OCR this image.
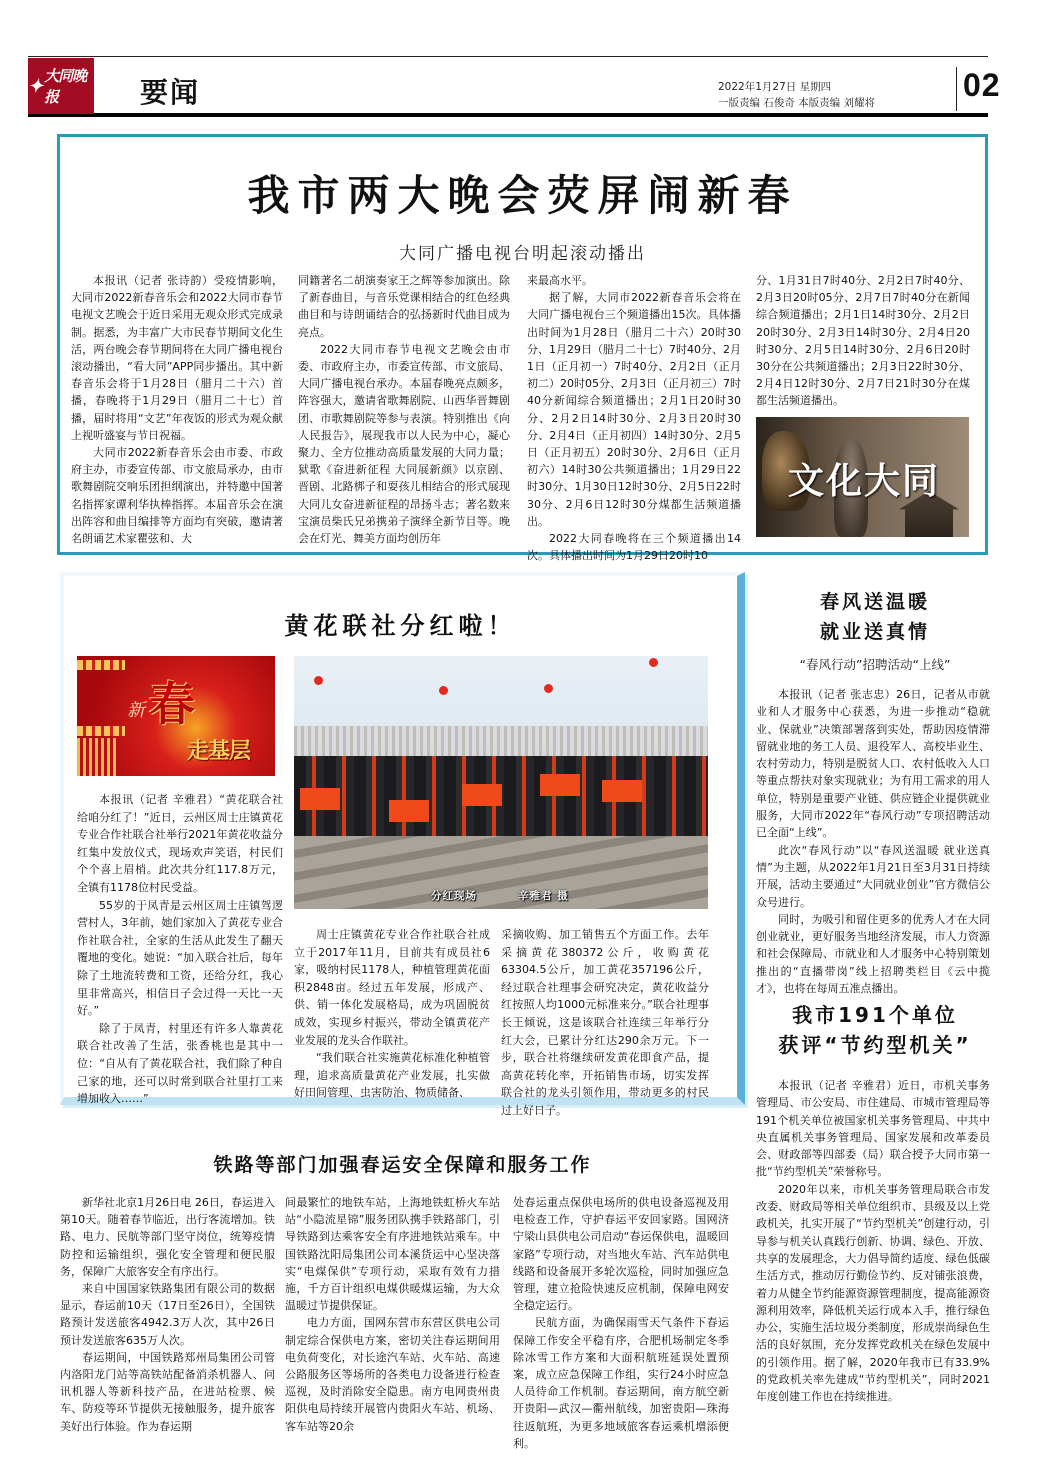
✦ 大同晚报	要闻	2022年1月27日 星期四
一版责编 石俊奇 本版责编 刘耀将	02
我市两大晚会荧屏闹新春
大同广播电视台明起滚动播出

本报讯（记者 张诗韵）受疫情影响，大同市2022新春音乐会和2022大同市春节电视文艺晚会于近日采用无观众形式完成录制。据悉，为丰富广大市民春节期间文化生活，两台晚会春节期间将在大同广播电视台滚动播出，“看大同”APP同步播出。其中新春音乐会将于1月28日（腊月二十六）首播，春晚将于1月29日（腊月二十七）首播，届时将用“文艺”年夜饭的形式为观众献上视听盛宴与节日祝福。

大同市2022新春音乐会由市委、市政府主办，市委宣传部、市文旅局承办，由市歌舞剧院交响乐团担纲演出，并特邀中国著名指挥家谭利华执棒指挥。本届音乐会在演出阵容和曲目编排等方面均有突破，邀请著名朗诵艺术家瞿弦和、大

同籍著名二胡演奏家王之辉等参加演出。除了新春曲目，与音乐党课相结合的红色经典曲目和与诗朗诵结合的弘扬新时代曲目成为亮点。

2022大同市春节电视文艺晚会由市委、市政府主办，市委宣传部、市文旅局、大同广播电视台承办。本届春晚亮点颇多，阵容强大，邀请省歌舞剧院、山西华晋舞剧团、市歌舞剧院等参与表演。特别推出《向人民报告》，展现我市以人民为中心，凝心聚力、全方位推动高质量发展的大同力量；狱歌《奋进新征程 大同展新颜》以京剧、晋剧、北路梆子和耍孩儿相结合的形式展现大同儿女奋进新征程的昂扬斗志；著名数来宝演员柴氏兄弟携弟子演绎全新节目等。晚会在灯光、舞美方面均创历年

来最高水平。

据了解，大同市2022新春音乐会将在大同广播电视台三个频道播出15次。具体播出时间为1月28日（腊月二十六）20时30分、1月29日（腊月二十七）7时40分、2月1日（正月初一）7时40分、2月2日（正月初二）20时05分、2月3日（正月初三）7时40分新闻综合频道播出；2月1日20时30分、2月2日14时30分、2月3日20时30分、2月4日（正月初四）14时30分、2月5日（正月初五）20时30分、2月6日（正月初六）14时30公共频道播出；1月29日22时30分、1月30日12时30分、2月5日22时30分、2月6日12时30分煤都生活频道播出。

2022大同春晚将在三个频道播出14次。具体播出时间为1月29日20时10

分、1月31日7时40分、2月2日7时40分、2月3日20时05分、2月7日7时40分在新闻综合频道播出；2月1日14时30分、2月2日20时30分、2月3日14时30分、2月4日20时30分、2月5日14时30分、2月6日20时30分在公共频道播出；2月3日22时30分、2月4日12时30分、2月7日21时30分在煤都生活频道播出。

文化大同
黄花联社分红啦！
新 春
走基层
分红现场	辛雅君 摄

本报讯（记者 辛雅君）“黄花联合社给咱分红了！”近日，云州区周士庄镇黄花专业合作社联合社举行2021年黄花收益分红集中发放仪式，现场欢声笑语，村民们个个喜上眉梢。此次共分红117.8万元，全镇有1178位村民受益。

55岁的于凤青是云州区周士庄镇驾逻营村人，3年前，她们家加入了黄花专业合作社联合社，全家的生活从此发生了翻天覆地的变化。她说：“加入联合社后，每年除了土地流转费和工资，还给分红，我心里非常高兴，相信日子会过得一天比一天好。”

除了于凤青，村里还有许多人靠黄花联合社改善了生活，张香桃也是其中一位：“自从有了黄花联合社，我们除了种自己家的地，还可以时常到联合社里打工来增加收入……”

周士庄镇黄花专业合作社联合社成立于2017年11月，目前共有成员社6家，吸纳村民1178人，种植管理黄花面积2848亩。经过五年发展，形成产、供、销一体化发展格局，成为巩固脱贫成效，实现乡村振兴，带动全镇黄花产业发展的龙头合作联社。

“我们联合社实施黄花标准化种植管理，追求高质量黄花产业发展，扎实做好田间管理、虫害防治、物质储备、

采摘收购、加工销售五个方面工作。去年采摘黄花380372公斤，收购黄花63304.5公斤，加工黄花357196公斤，经过联合社理事会研究决定，黄花收益分红按照人均1000元标准来分。”联合社理事长王倾说，这是该联合社连续三年举行分红大会，已累计分红达290余万元。下一步，联合社将继续研发黄花即食产品，提高黄花转化率，开拓销售市场，切实发挥联合社的龙头引领作用，带动更多的村民过上好日子。

春风送温暖
就业送真情
“春风行动”招聘活动“上线”

本报讯（记者 张志忠）26日，记者从市就业和人才服务中心获悉，为进一步推动“稳就业、保就业”决策部署落到实处，帮助因疫情滞留就业地的务工人员、退役军人、高校毕业生、农村劳动力，特别是脱贫人口、农村低收入人口等重点帮扶对象实现就业；为有用工需求的用人单位，特别是重要产业链、供应链企业提供就业服务，大同市2022年“春风行动”专项招聘活动已全面“上线”。

此次“春风行动”以“春风送温暖 就业送真情”为主题，从2022年1月21日至3月31日持续开展，活动主要通过“大同就业创业”官方微信公众号进行。

同时，为吸引和留住更多的优秀人才在大同创业就业，更好服务当地经济发展，市人力资源和社会保障局、市就业和人才服务中心特别策划推出的“直播带岗”线上招聘类栏目《云中揽才》，也将在每周五准点播出。

我市191个单位
获评“节约型机关”

本报讯（记者 辛雅君）近日，市机关事务管理局、市公安局、市住建局、市城市管理局等191个机关单位被国家机关事务管理局、中共中央直属机关事务管理局、国家发展和改革委员会、财政部等四部委（局）联合授予大同市第一批“节约型机关”荣誉称号。

2020年以来，市机关事务管理局联合市发改委、财政局等相关单位组织市、县级及以上党政机关，扎实开展了“节约型机关”创建行动，引导参与机关认真践行创新、协调、绿色、开放、共享的发展理念，大力倡导简约适度、绿色低碳生活方式，推动厉行勤俭节约、反对铺张浪费，着力从健全节约能源资源管理制度，提高能源资源利用效率，降低机关运行成本入手，推行绿色办公，实施生活垃圾分类制度，形成崇尚绿色生活的良好氛围，充分发挥党政机关在绿色发展中的引领作用。据了解，2020年我市已有33.9%的党政机关率先建成“节约型机关”，同时2021年度创建工作也在持续推进。

铁路等部门加强春运安全保障和服务工作

新华社北京1月26日电 26日，春运进入第10天。随着春节临近，出行客流增加。铁路、电力、民航等部门坚守岗位，统筹疫情防控和运输组织，强化安全管理和便民服务，保障广大旅客安全有序出行。

来自中国国家铁路集团有限公司的数据显示，春运前10天（17日至26日），全国铁路预计发送旅客4942.3万人次，其中26日预计发送旅客635万人次。

春运期间，中国铁路郑州局集团公司管内洛阳龙门站等高铁站配备消杀机器人、问讯机器人等新科技产品，在进站检票、候车、防疫等环节提供无接触服务，提升旅客美好出行体验。作为春运期

间最繁忙的地铁车站，上海地铁虹桥火车站站“小隐流星锦”服务团队携手铁路部门，引导铁路到达乘客安全有序进地铁站乘车。中国铁路沈阳局集团公司本溪货运中心坚决落实“电煤保供”专项行动，采取有效有力措施，千方百计组织电煤供暖煤运输，为大众温暖过节提供保证。

电力方面，国网东营市东营区供电公司制定综合保供电方案，密切关注春运期间用电负荷变化，对长途汽车站、火车站、高速公路服务区等场所的各类电力设备进行检查巡视，及时消除安全隐患。南方电网贵州贵阳供电局持续开展管内贵阳火车站、机场、客车站等20余

处春运重点保供电场所的供电设备巡视及用电检查工作，守护春运平安回家路。国网济宁梁山县供电公司启动“春运保供电，温暖回家路”专项行动，对当地火车站、汽车站供电线路和设备展开多轮次巡检，同时加强应急管理，建立抢险快速反应机制，保障电网安全稳定运行。

民航方面，为确保雨雪天气条件下春运保障工作安全平稳有序，合肥机场制定冬季除冰雪工作方案和大面积航班延误处置预案，成立应急保障工作组，实行24小时应急人员待命工作机制。春运期间，南方航空新开贵阳—武汉—衢州航线，加密贵阳—珠海往返航班，为更多地域旅客春运乘机增添便利。
